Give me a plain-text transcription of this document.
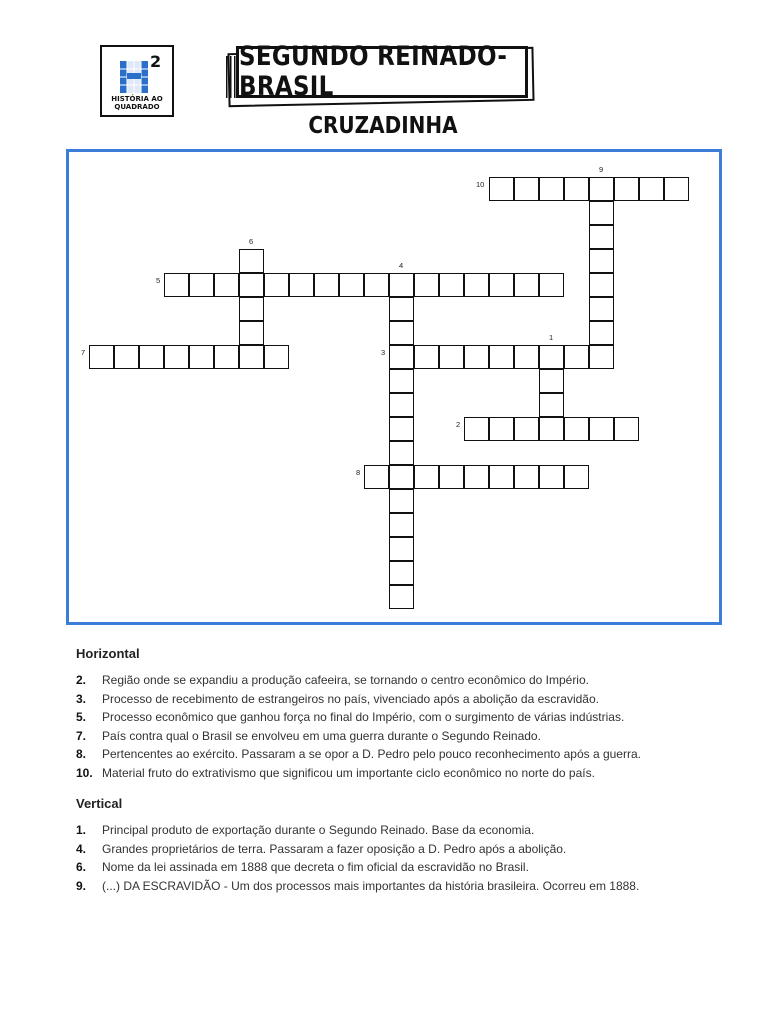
2
HISTÓRIA AO
QUADRADO
SEGUNDO REINADO-BRASIL
CRUZADINHA
10
9
6
5
4
7	3
1
2
8
Horizontal
2.	Região onde se expandiu a produção cafeeira, se tornando o centro econômico do Império.
3.	Processo de recebimento de estrangeiros no país, vivenciado após a abolição da escravidão.
5.	Processo econômico que ganhou força no final do Império, com o surgimento de várias indústrias.
7.	País contra qual o Brasil se envolveu em uma guerra durante o Segundo Reinado.
8.	Pertencentes ao exército. Passaram a se opor a D. Pedro pelo pouco reconhecimento após a guerra.
10. Material fruto do extrativismo que significou um importante ciclo econômico no norte do país.
Vertical
1.	Principal produto de exportação durante o Segundo Reinado. Base da economia.
4.	Grandes proprietários de terra. Passaram a fazer oposição a D. Pedro após a abolição.
6.	Nome da lei assinada em 1888 que decreta o fim oficial da escravidão no Brasil.
9.	(...) DA ESCRAVIDÃO - Um dos processos mais importantes da história brasileira. Ocorreu em 1888.
